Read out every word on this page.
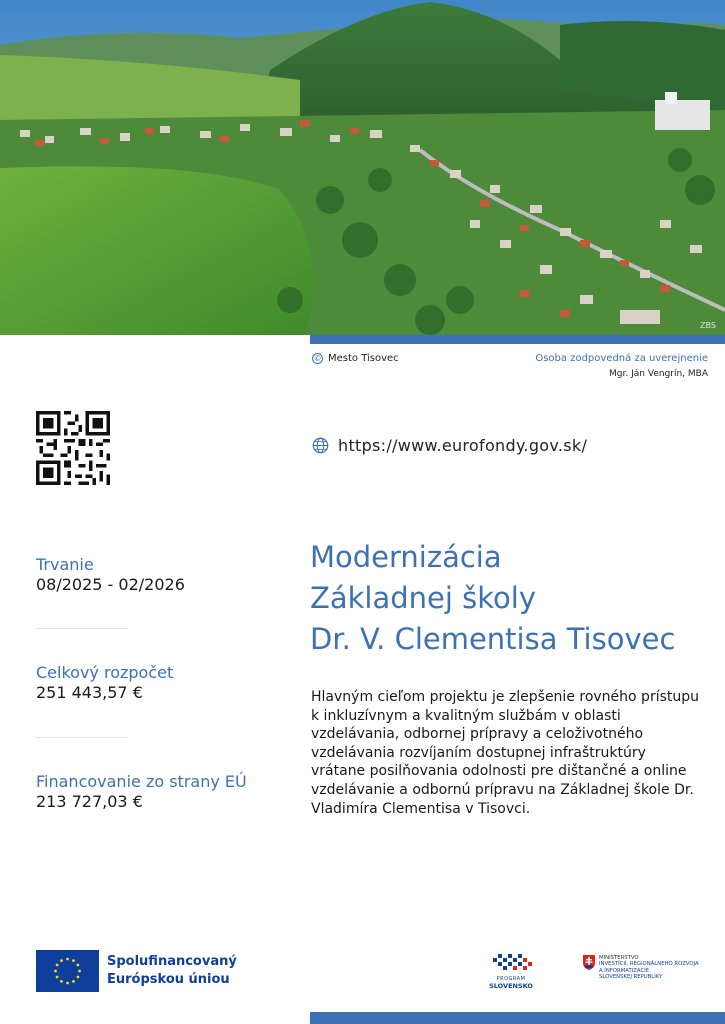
ZBS
© Mesto Tisovec	Osoba zodpovedná za uverejnenie
Mgr. Ján Vengrín, MBA
https://www.eurofondy.gov.sk/
Trvanie
08/2025 - 02/2026
Celkový rozpočet
251 443,57 €
Financovanie zo strany EÚ
213 727,03 €
Modernizácia
Základnej školy
Dr. V. Clementisa Tisovec

Hlavným cieľom projektu je zlepšenie rovného prístupu k inkluzívnym a kvalitným službám v oblasti vzdelávania, odbornej prípravy a celoživotného vzdelávania rozvíjaním dostupnej infraštruktúry vrátane posilňovania odolnosti pre dištančné a online vzdelávanie a odbornú prípravu na Základnej škole Dr. Vladimíra Clementisa v Tisovci.

Spolufinancovaný
Európskou úniou	PROGRAM
SLOVENSKO
MINISTERSTVO
INVESTÍCIÍ, REGIONÁLNEHO ROZVOJA
A INFORMATIZÁCIE
SLOVENSKEJ REPUBLIKY
